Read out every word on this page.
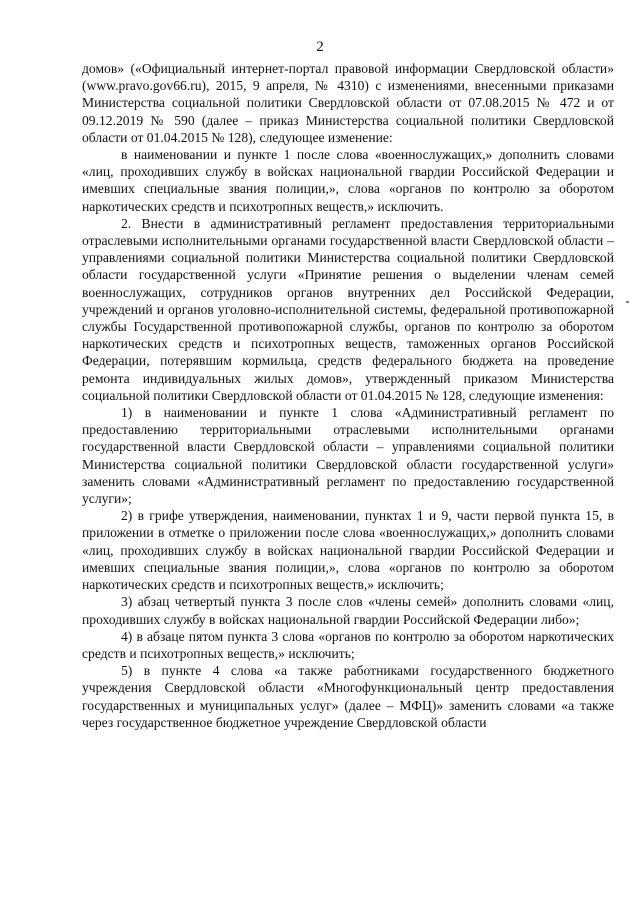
2

домов» («Официальный интернет-портал правовой информации Свердловской области» (www.pravo.gov66.ru), 2015, 9 апреля, № 4310) с изменениями, внесенными приказами Министерства социальной политики Свердловской области от 07.08.2015 № 472 и от 09.12.2019 № 590 (далее – приказ Министерства социальной политики Свердловской области от 01.04.2015 № 128), следующее изменение:

в наименовании и пункте 1 после слова «военнослужащих,» дополнить словами «лиц, проходивших службу в войсках национальной гвардии Российской Федерации и имевших специальные звания полиции,», слова «органов по контролю за оборотом наркотических средств и психотропных веществ,» исключить.

2. Внести в административный регламент предоставления территориальными отраслевыми исполнительными органами государственной власти Свердловской области – управлениями социальной политики Министерства социальной политики Свердловской области государственной услуги «Принятие решения о выделении членам семей военнослужащих, сотрудников органов внутренних дел Российской Федерации, учреждений и органов уголовно-исполнительной системы, федеральной противопожарной службы Государственной противопожарной службы, органов по контролю за оборотом наркотических средств и психотропных веществ, таможенных органов Российской Федерации, потерявшим кормильца, средств федерального бюджета на проведение ремонта индивидуальных жилых домов», утвержденный приказом Министерства социальной политики Свердловской области от 01.04.2015 № 128, следующие изменения:

1) в наименовании и пункте 1 слова «Административный регламент по предоставлению территориальными отраслевыми исполнительными органами государственной власти Свердловской области – управлениями социальной политики Министерства социальной политики Свердловской области государственной услуги» заменить словами «Административный регламент по предоставлению государственной услуги»;

2) в грифе утверждения, наименовании, пунктах 1 и 9, части первой пункта 15, в приложении в отметке о приложении после слова «военнослужащих,» дополнить словами «лиц, проходивших службу в войсках национальной гвардии Российской Федерации и имевших специальные звания полиции,», слова «органов по контролю за оборотом наркотических средств и психотропных веществ,» исключить;

3) абзац четвертый пункта 3 после слов «члены семей» дополнить словами «лиц, проходивших службу в войсках национальной гвардии Российской Федерации либо»;

4) в абзаце пятом пункта 3 слова «органов по контролю за оборотом наркотических средств и психотропных веществ,» исключить;

5) в пункте 4 слова «а также работниками государственного бюджетного учреждения Свердловской области «Многофункциональный центр предоставления государственных и муниципальных услуг» (далее – МФЦ)» заменить словами «а также через государственное бюджетное учреждение Свердловской области
